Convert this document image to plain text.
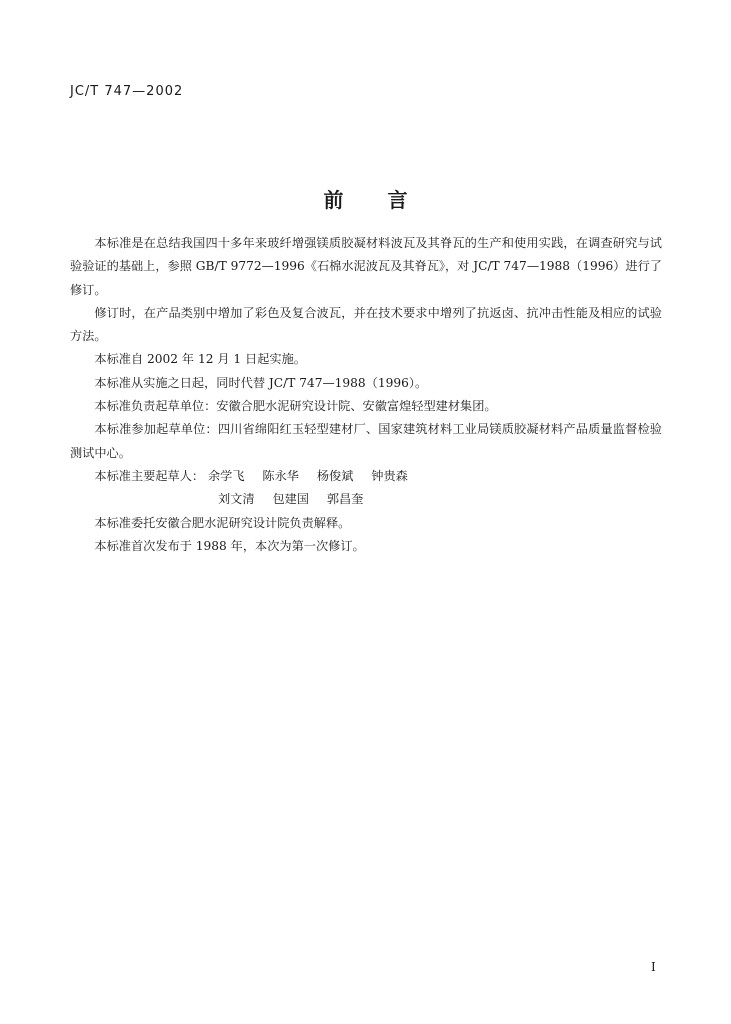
JC/T 747—2002
前言

本标准是在总结我国四十多年来玻纤增强镁质胶凝材料波瓦及其脊瓦的生产和使用实践，在调查研究与试验验证的基础上，参照 GB/T 9772—1996《石棉水泥波瓦及其脊瓦》，对 JC/T 747—1988（1996）进行了修订。

修订时，在产品类别中增加了彩色及复合波瓦，并在技术要求中增列了抗返卤、抗冲击性能及相应的试验方法。

本标准自 2002 年 12 月 1 日起实施。

本标准从实施之日起，同时代替 JC/T 747—1988（1996）。

本标准负责起草单位：安徽合肥水泥研究设计院、安徽富煌轻型建材集团。

本标准参加起草单位：四川省绵阳红玉轻型建材厂、国家建筑材料工业局镁质胶凝材料产品质量监督检验测试中心。

本标准主要起草人： 余学飞 陈永华 杨俊斌 钟贵森

刘文清 包建国 郭昌奎

本标准委托安徽合肥水泥研究设计院负责解释。

本标准首次发布于 1988 年，本次为第一次修订。

I
